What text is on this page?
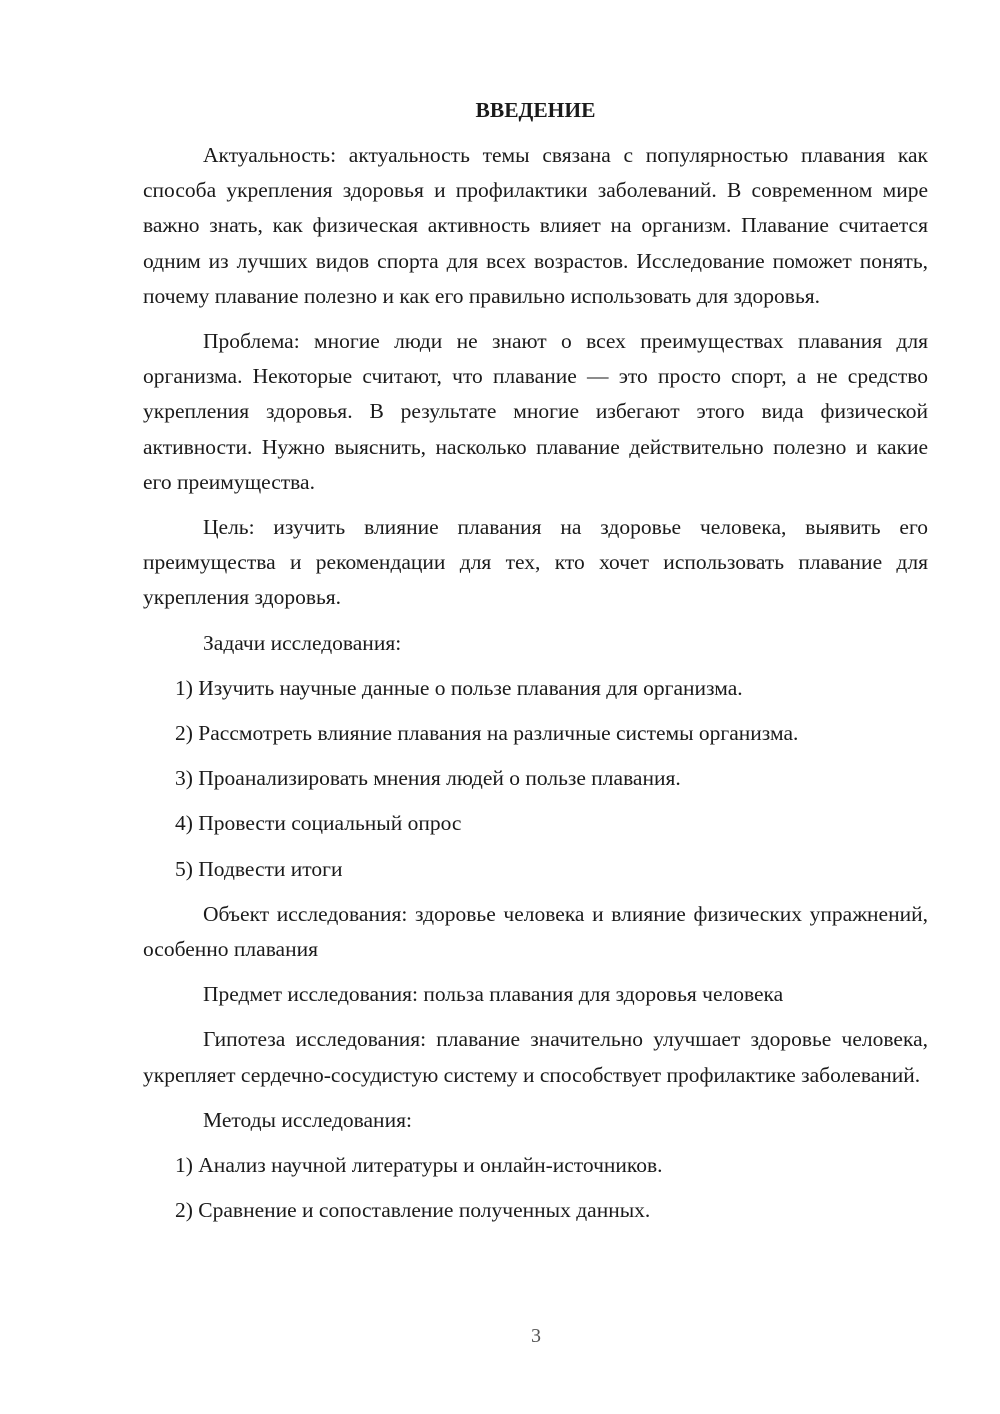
ВВЕДЕНИЕ

Актуальность: актуальность темы связана с популярностью плавания как способа укрепления здоровья и профилактики заболеваний. В современном мире важно знать, как физическая активность влияет на организм. Плавание считается одним из лучших видов спорта для всех возрастов. Исследование поможет понять, почему плавание полезно и как его правильно использовать для здоровья.

Проблема: многие люди не знают о всех преимуществах плавания для организма. Некоторые считают, что плавание — это просто спорт, а не средство укрепления здоровья. В результате многие избегают этого вида физической активности. Нужно выяснить, насколько плавание действительно полезно и какие его преимущества.

Цель: изучить влияние плавания на здоровье человека, выявить его преимущества и рекомендации для тех, кто хочет использовать плавание для укрепления здоровья.

Задачи исследования:

1) Изучить научные данные о пользе плавания для организма.

2) Рассмотреть влияние плавания на различные системы организма.

3) Проанализировать мнения людей о пользе плавания.

4) Провести социальный опрос

5) Подвести итоги

Объект исследования: здоровье человека и влияние физических упражнений, особенно плавания

Предмет исследования: польза плавания для здоровья человека

Гипотеза исследования: плавание значительно улучшает здоровье человека, укрепляет сердечно-сосудистую систему и способствует профилактике заболеваний.

Методы исследования:

1) Анализ научной литературы и онлайн-источников.

2) Сравнение и сопоставление полученных данных.

3
